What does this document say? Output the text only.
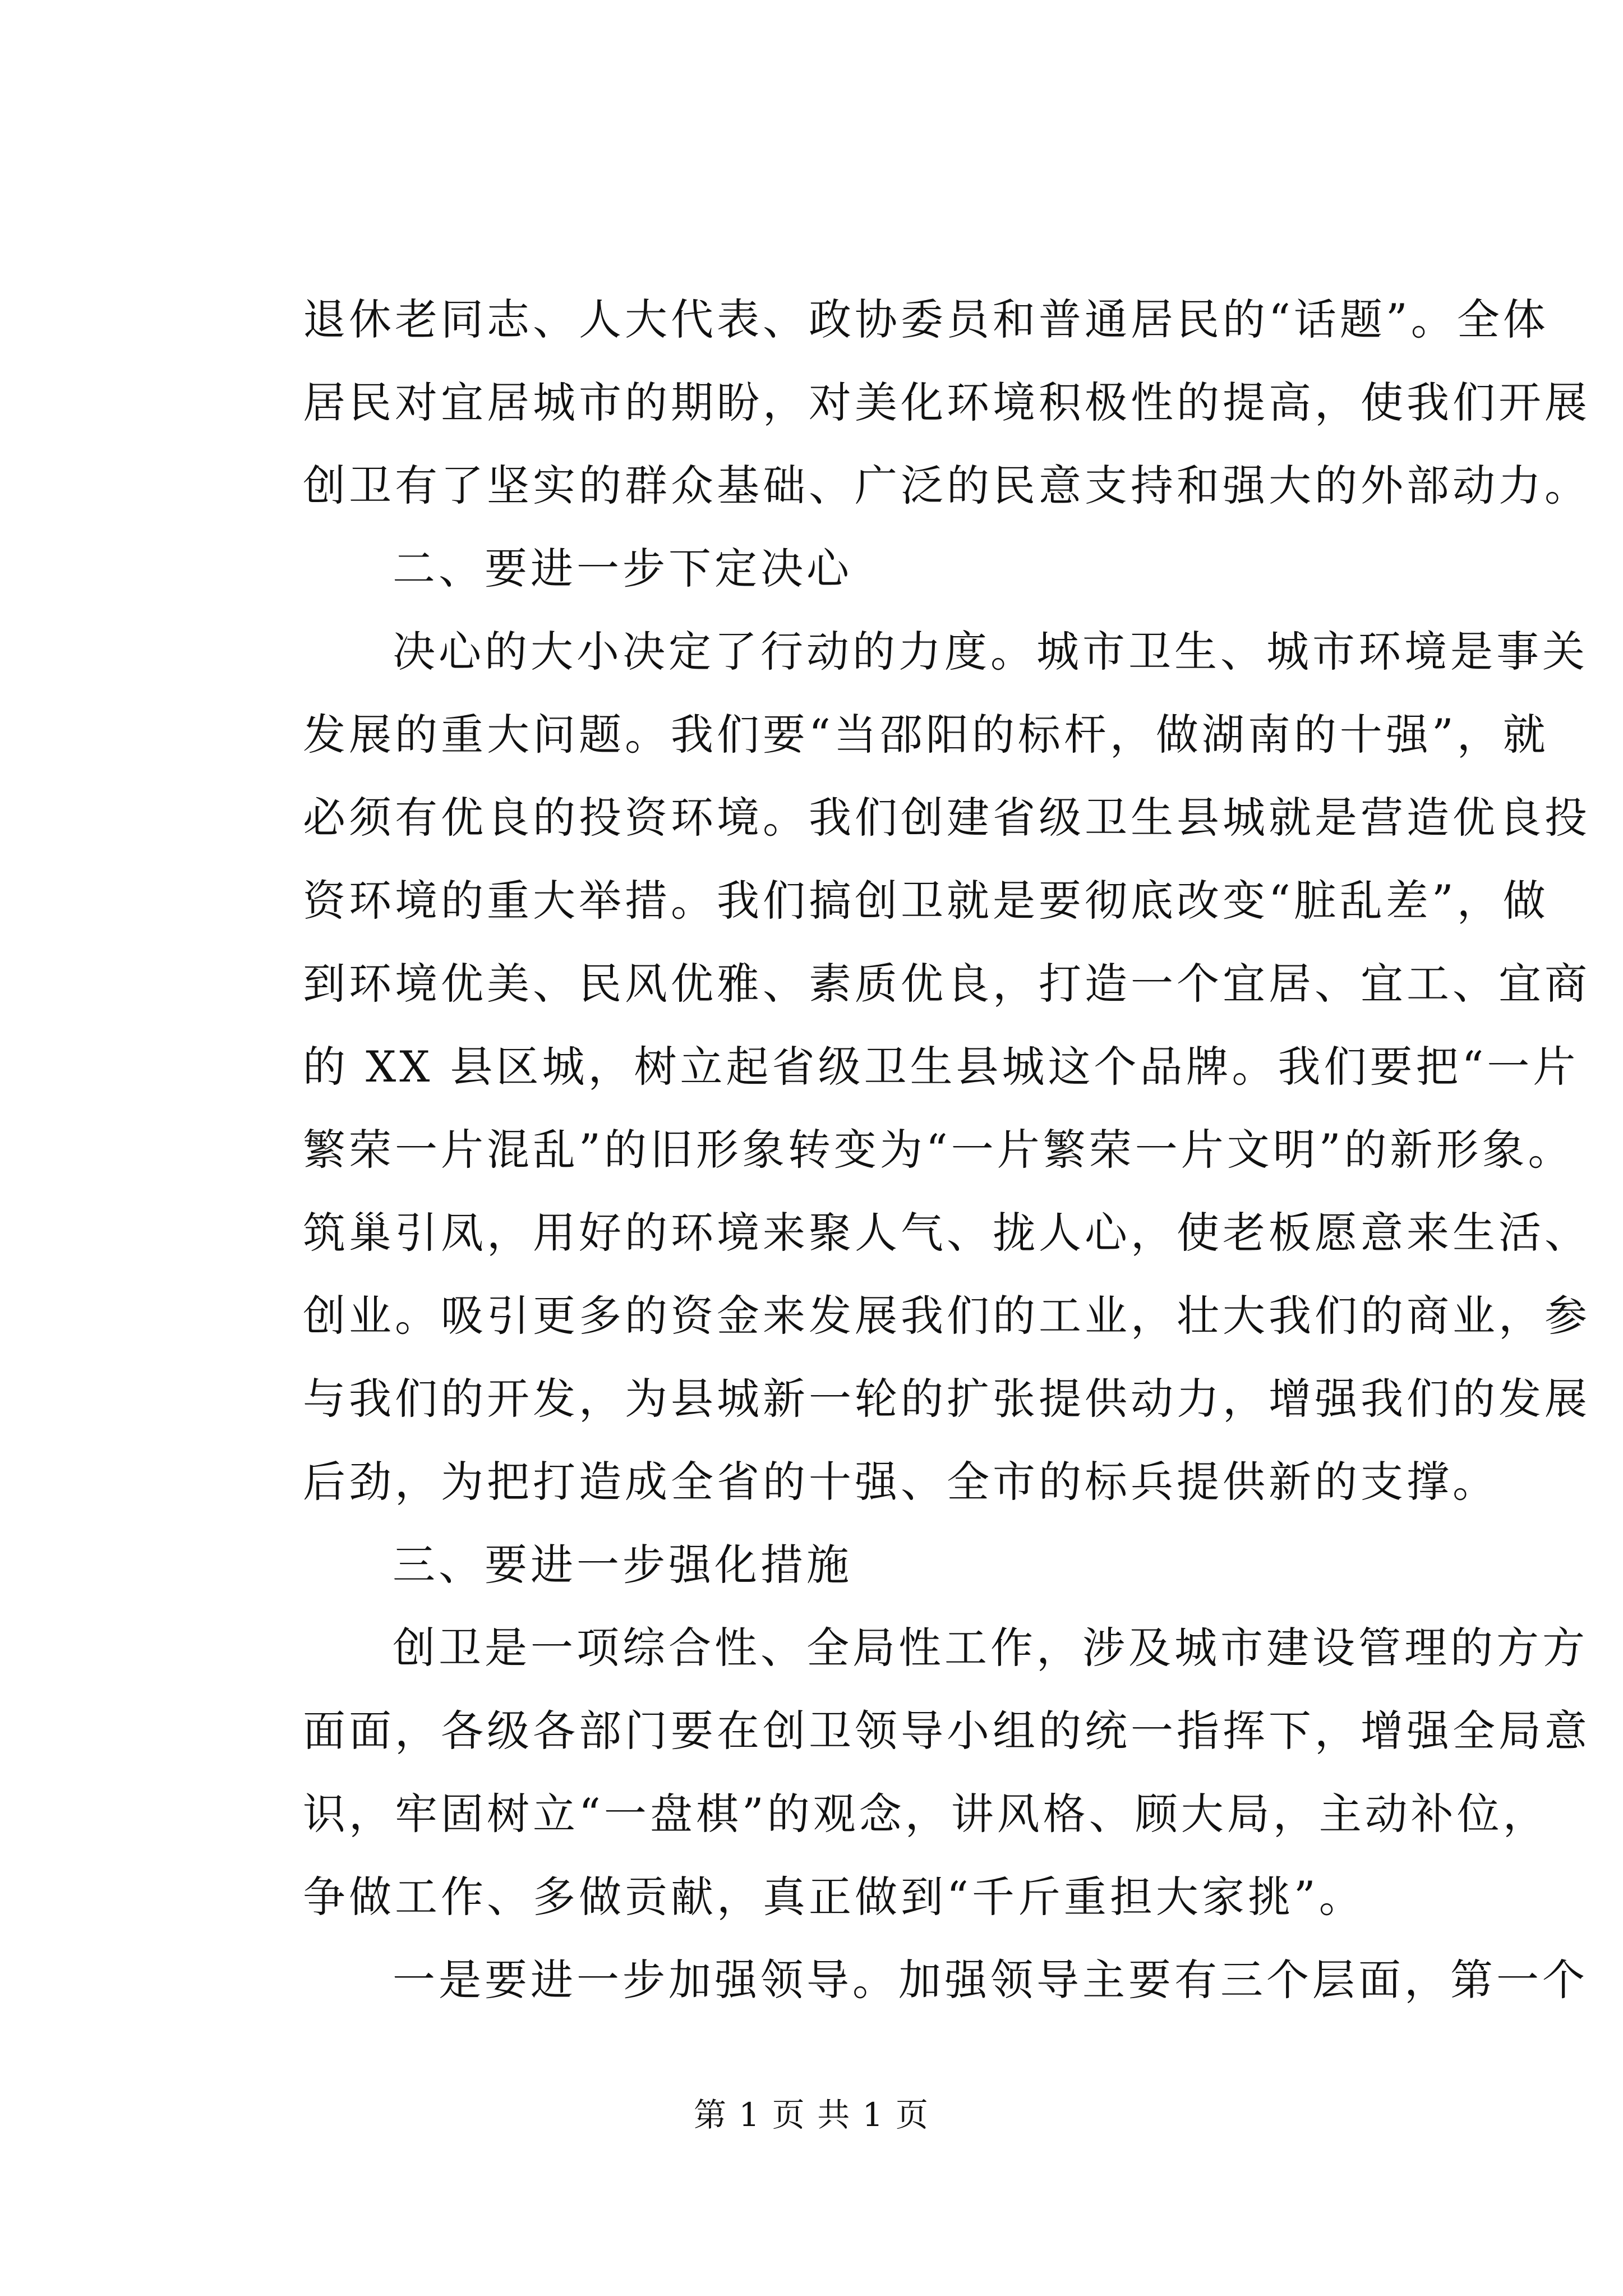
退休老同志、人大代表、政协委员和普通居民的“话题”。全体
居民对宜居城市的期盼，对美化环境积极性的提高，使我们开展
创卫有了坚实的群众基础、广泛的民意支持和强大的外部动力。
二、要进一步下定决心
决心的大小决定了行动的力度。城市卫生、城市环境是事关
发展的重大问题。我们要“当邵阳的标杆，做湖南的十强”，就
必须有优良的投资环境。我们创建省级卫生县城就是营造优良投
资环境的重大举措。我们搞创卫就是要彻底改变“脏乱差”，做
到环境优美、民风优雅、素质优良，打造一个宜居、宜工、宜商
的 XX 县区城，树立起省级卫生县城这个品牌。我们要把“一片
繁荣一片混乱”的旧形象转变为“一片繁荣一片文明”的新形象。
筑巢引凤，用好的环境来聚人气、拢人心，使老板愿意来生活、
创业。吸引更多的资金来发展我们的工业，壮大我们的商业，参
与我们的开发，为县城新一轮的扩张提供动力，增强我们的发展
后劲，为把打造成全省的十强、全市的标兵提供新的支撑。
三、要进一步强化措施
创卫是一项综合性、全局性工作，涉及城市建设管理的方方
面面，各级各部门要在创卫领导小组的统一指挥下，增强全局意
识，牢固树立“一盘棋”的观念，讲风格、顾大局，主动补位，
争做工作、多做贡献，真正做到“千斤重担大家挑”。
一是要进一步加强领导。加强领导主要有三个层面，第一个
第 1 页 共 1 页
